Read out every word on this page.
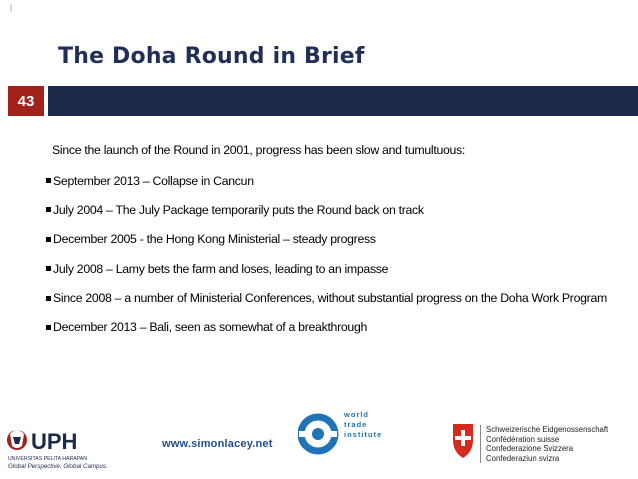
The Doha Round in Brief
43

Since the launch of the Round in 2001, progress has been slow and tumultuous:

September 2013 – Collapse in Cancun
July 2004 – The July Package temporarily puts the Round back on track
December 2005 - the Hong Kong Ministerial – steady progress
July 2008 – Lamy bets the farm and loses, leading to an impasse
Since 2008 – a number of Ministerial Conferences, without substantial progress on the Doha Work Program
December 2013 – Bali, seen as somewhat of a breakthrough
UPH
UNIVERSITAS PELITA HARAPAN
Global Perspective. Global Campus.
www.simonlacey.net
world
trade
institute
Schweizerische Eidgenossenschaft
Confédération suisse
Confederazione Svizzera
Confederaziun svizra
